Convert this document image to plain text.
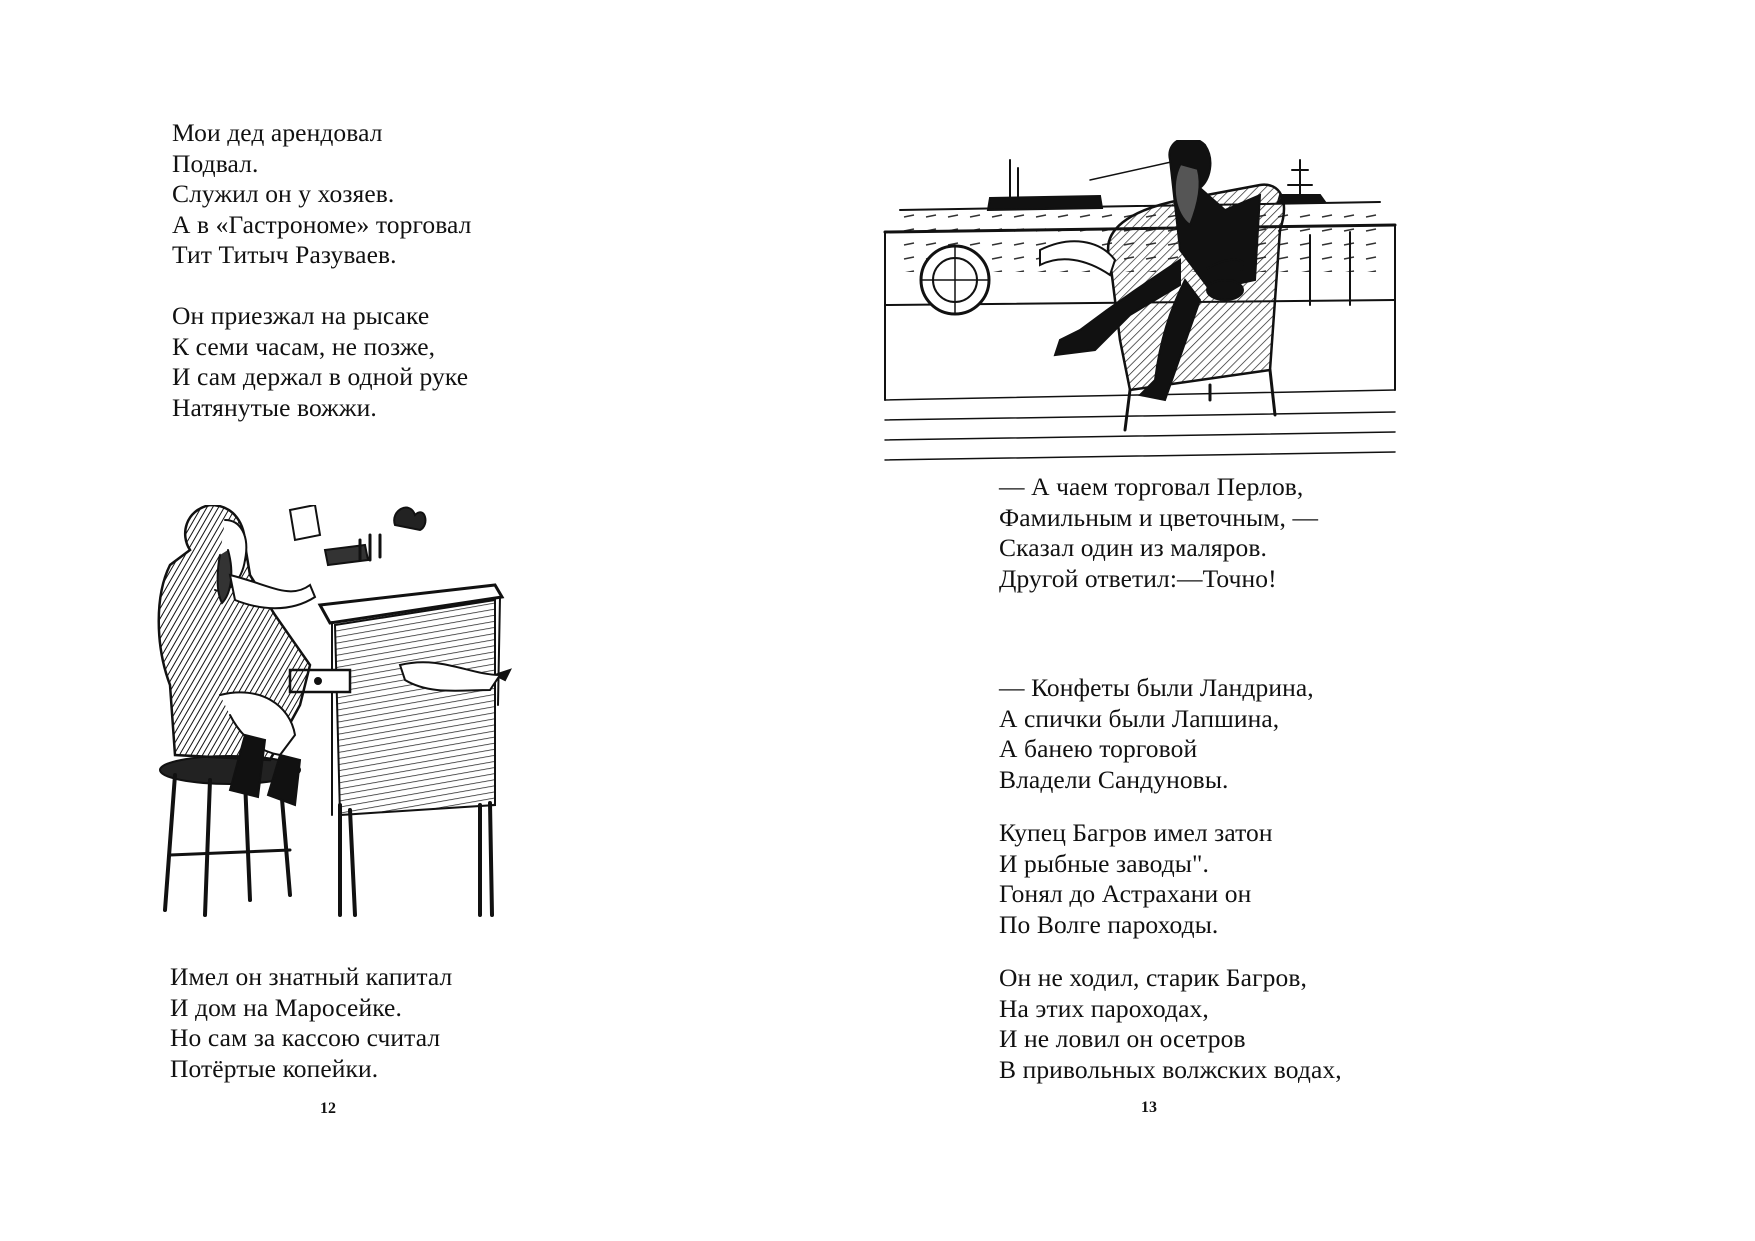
Мои дед арендовал
Подвал.
Служил он у хозяев.
А в «Гастрономе» торговал
Тит Титыч Разуваев.
Он приезжал на рысаке
К семи часам, не позже,
И сам держал в одной руке
Натянутые вожжи.
Имел он знатный капитал
И дом на Маросейке.
Но сам за кассою считал
Потёртые копейки.
12
— А чаем торговал Перлов,
Фамильным и цветочным, —
Сказал один из маляров.
Другой ответил:—Точно!
— Конфеты были Ландрина,
А спички были Лапшина,
А банею торговой
Владели Сандуновы.
Купец Багров имел затон
И рыбные заводы".
Гонял до Астрахани он
По Волге пароходы.
Он не ходил, старик Багров,
На этих пароходах,
И не ловил он осетров
В привольных волжских водах,
13
